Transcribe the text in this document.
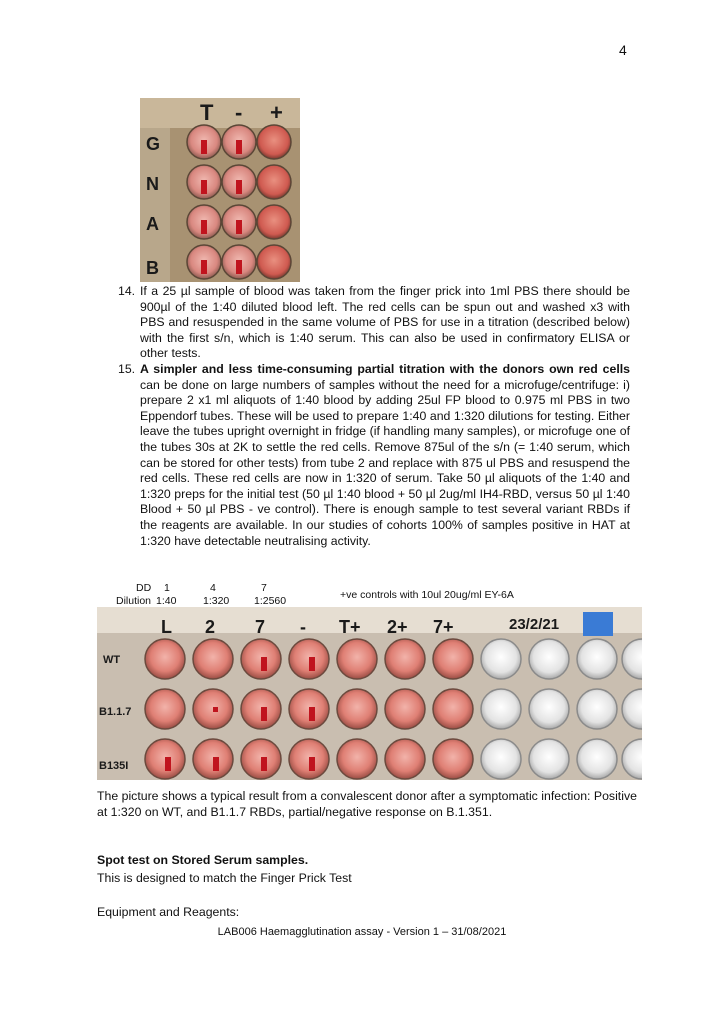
4
T - +
G
N
A
B
14. If a 25 µl sample of blood was taken from the finger prick into 1ml PBS there should be 900µl of the 1:40 diluted blood left. The red cells can be spun out and washed x3 with PBS and resuspended in the same volume of PBS for use in a titration (described below) with the first s/n, which is 1:40 serum. This can also be used in confirmatory ELISA or other tests.
15. A simpler and less time-consuming partial titration with the donors own red cells can be done on large numbers of samples without the need for a microfuge/centrifuge: i) prepare 2 x1 ml aliquots of 1:40 blood by adding 25ul FP blood to 0.975 ml PBS in two Eppendorf tubes. These will be used to prepare 1:40 and 1:320 dilutions for testing. Either leave the tubes upright overnight in fridge (if handling many samples), or microfuge one of the tubes 30s at 2K to settle the red cells. Remove 875ul of the s/n (= 1:40 serum, which can be stored for other tests) from tube 2 and replace with 875 ul PBS and resuspend the red cells. These red cells are now in 1:320 of serum. Take 50 µl aliquots of the 1:40 and 1:320 preps for the initial test (50 µl 1:40 blood + 50 µl 2ug/ml IH4-RBD, versus 50 µl 1:40 Blood + 50 µl PBS - ve control). There is enough sample to test several variant RBDs if the reagents are available. In our studies of cohorts 100% of samples positive in HAT at 1:320 have detectable neutralising activity.
DD 1	4	7
Dilution 1:40	1:320 1:2560	+ve controls with 10ul 20ug/ml EY-6A
L 2 7 - T+ 2+ 7+	23/2/21
WT
B1.1.7
B135I
The picture shows a typical result from a convalescent donor after a symptomatic infection: Positive at 1:320 on WT, and B1.1.7 RBDs, partial/negative response on B.1.351.
Spot test on Stored Serum samples.
This is designed to match the Finger Prick Test
Equipment and Reagents:
LAB006 Haemagglutination assay - Version 1 – 31/08/2021
